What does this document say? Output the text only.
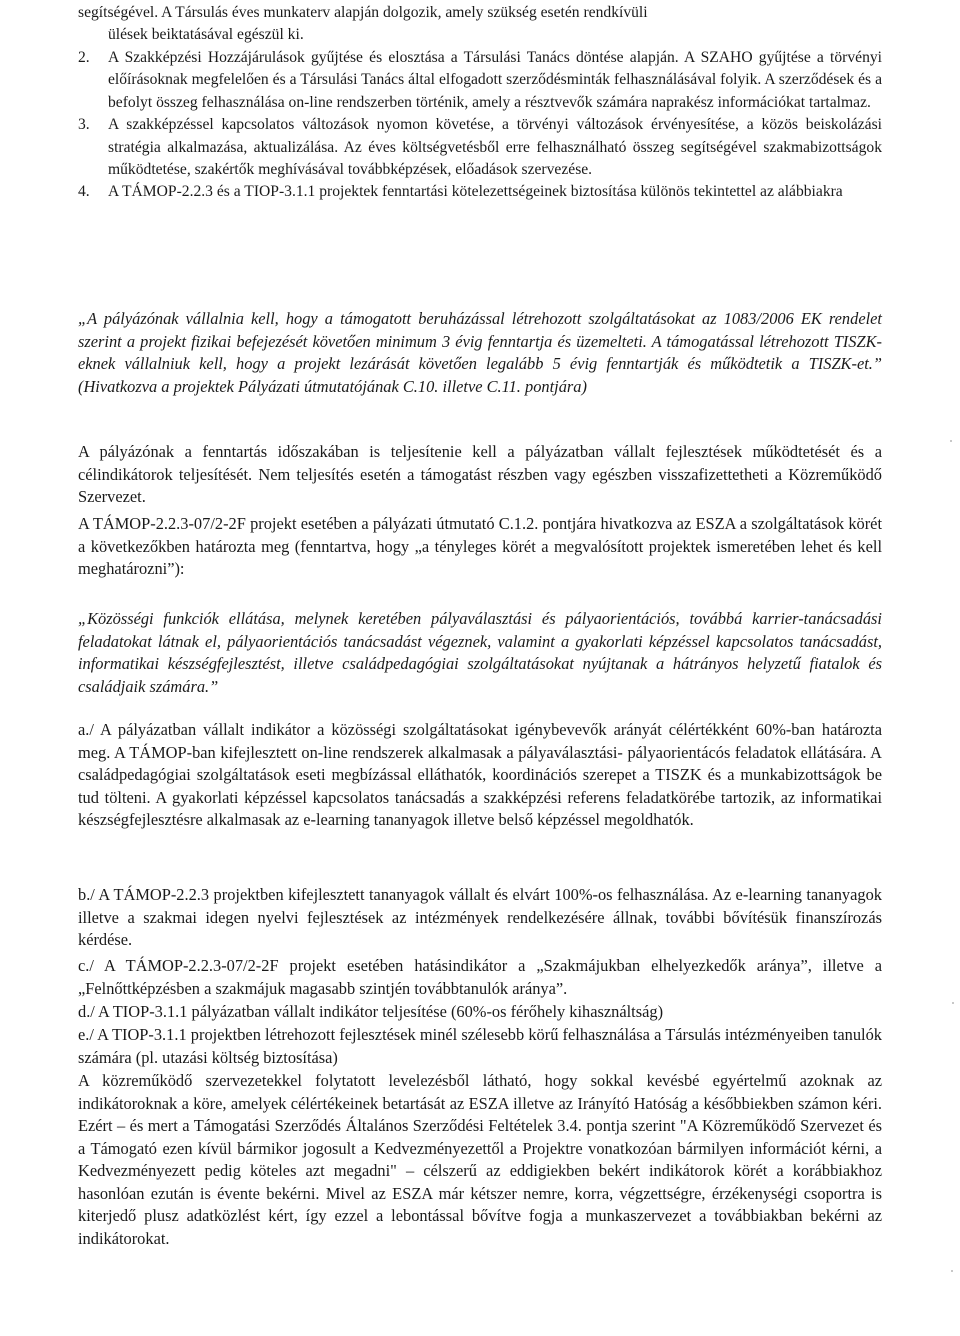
segítségével. A Társulás éves munkaterv alapján dolgozik, amely szükség esetén rendkívüli
ülések beiktatásával egészül ki.
2.	A Szakképzési Hozzájárulások gyűjtése és elosztása a Társulási Tanács döntése alapján. A SZAHO gyűjtése a törvényi előírásoknak megfelelően és a Társulási Tanács által elfogadott szerződésminták felhasználásával folyik. A szerződések és a befolyt összeg felhasználása on-line rendszerben történik, amely a résztvevők számára naprakész információkat tartalmaz.
3.	A szakképzéssel kapcsolatos változások nyomon követése, a törvényi változások érvényesítése, a közös beiskolázási stratégia alkalmazása, aktualizálása. Az éves költségvetésből erre felhasználható összeg segítségével szakmabizottságok működtetése, szakértők meghívásával továbbképzések, előadások szervezése.
4.	A TÁMOP-2.2.3 és a TIOP-3.1.1 projektek fenntartási kötelezettségeinek biztosítása különös tekintettel az alábbiakra

„A pályázónak vállalnia kell, hogy a támogatott beruházással létrehozott szolgáltatásokat az 1083/2006 EK rendelet szerint a projekt fizikai befejezését követően minimum 3 évig fenntartja és üzemelteti. A támogatással létrehozott TISZK-eknek vállalniuk kell, hogy a projekt lezárását követően legalább 5 évig fenntartják és működtetik a TISZK-et.” (Hivatkozva a projektek Pályázati útmutatójának C.10. illetve C.11. pontjára)

A pályázónak a fenntartás időszakában is teljesítenie kell a pályázatban vállalt fejlesztések működtetését és a célindikátorok teljesítését. Nem teljesítés esetén a támogatást részben vagy egészben visszafizettetheti a Közreműködő Szervezet.

A TÁMOP-2.2.3-07/2-2F projekt esetében a pályázati útmutató C.1.2. pontjára hivatkozva az ESZA a szolgáltatások körét a következőkben határozta meg (fenntartva, hogy „a tényleges körét a megvalósított projektek ismeretében lehet és kell meghatározni”):

„Közösségi funkciók ellátása, melynek keretében pályaválasztási és pályaorientációs, továbbá karrier-tanácsadási feladatokat látnak el, pályaorientációs tanácsadást végeznek, valamint a gyakorlati képzéssel kapcsolatos tanácsadást, informatikai készségfejlesztést, illetve családpedagógiai szolgáltatásokat nyújtanak a hátrányos helyzetű fiatalok és családjaik számára.”

a./ A pályázatban vállalt indikátor a közösségi szolgáltatásokat igénybevevők arányát célértékként 60%-ban határozta meg. A TÁMOP-ban kifejlesztett on-line rendszerek alkalmasak a pályaválasztási- pályaorientácós feladatok ellátására. A családpedagógiai szolgáltatások eseti megbízással elláthatók, koordinációs szerepet a TISZK és a munkabizottságok be tud tölteni. A gyakorlati képzéssel kapcsolatos tanácsadás a szakképzési referens feladatkörébe tartozik, az informatikai készségfejlesztésre alkalmasak az e-learning tananyagok illetve belső képzéssel megoldhatók.

b./ A TÁMOP-2.2.3 projektben kifejlesztett tananyagok vállalt és elvárt 100%-os felhasználása. Az e-learning tananyagok illetve a szakmai idegen nyelvi fejlesztések az intézmények rendelkezésére állnak, további bővítésük finanszírozás kérdése.

c./ A TÁMOP-2.2.3-07/2-2F projekt esetében hatásindikátor a „Szakmájukban elhelyezkedők aránya”, illetve a „Felnőttképzésben a szakmájuk magasabb szintjén továbbtanulók aránya”.

d./ A TIOP-3.1.1 pályázatban vállalt indikátor teljesítése (60%-os férőhely kihasználtság)

e./ A TIOP-3.1.1 projektben létrehozott fejlesztések minél szélesebb körű felhasználása a Társulás intézményeiben tanulók számára (pl. utazási költség biztosítása)

A közreműködő szervezetekkel folytatott levelezésből látható, hogy sokkal kevésbé egyértelmű azoknak az indikátoroknak a köre, amelyek célértékeinek betartását az ESZA illetve az Irányító Hatóság a későbbiekben számon kéri. Ezért – és mert a Támogatási Szerződés Általános Szerződési Feltételek 3.4. pontja szerint "A Közreműködő Szervezet és a Támogató ezen kívül bármikor jogosult a Kedvezményezettől a Projektre vonatkozóan bármilyen információt kérni, a Kedvezményezett pedig köteles azt megadni" – célszerű az eddigiekben bekért indikátorok körét a korábbiakhoz hasonlóan ezután is évente bekérni. Mivel az ESZA már kétszer nemre, korra, végzettségre, érzékenységi csoportra is kiterjedő plusz adatközlést kért, így ezzel a lebontással bővítve fogja a munkaszervezet a továbbiakban bekérni az indikátorokat.
